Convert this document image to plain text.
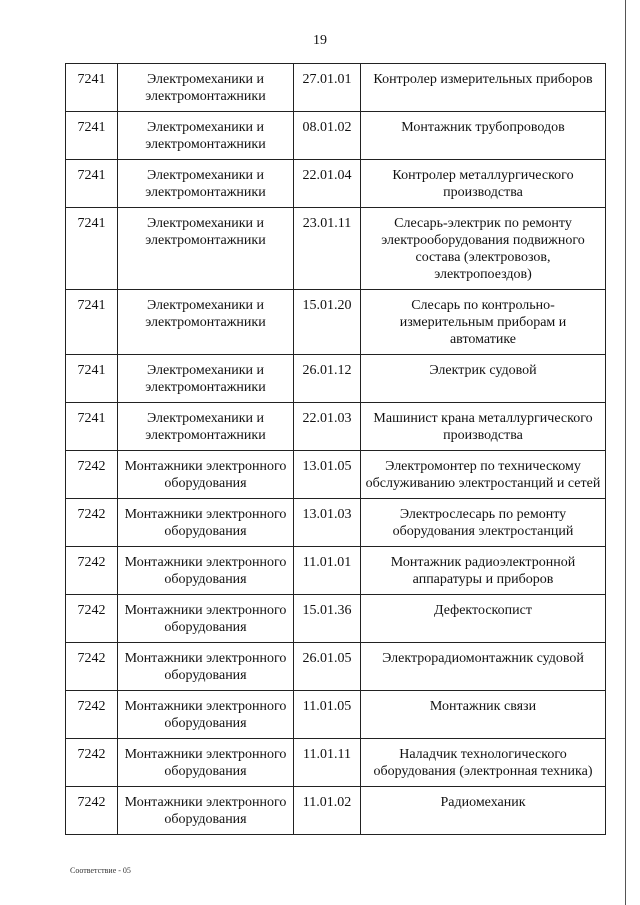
19
7241	Электромеханики и электромонтажники	27.01.01	Контролер измерительных приборов
7241	Электромеханики и электромонтажники	08.01.02	Монтажник трубопроводов
7241	Электромеханики и электромонтажники	22.01.04	Контролер металлургического производства
7241	Электромеханики и электромонтажники	23.01.11	Слесарь-электрик по ремонту электрооборудования подвижного состава (электровозов, электропоездов)
7241	Электромеханики и электромонтажники	15.01.20	Слесарь по контрольно-измерительным приборам и автоматике
7241	Электромеханики и электромонтажники	26.01.12	Электрик судовой
7241	Электромеханики и электромонтажники	22.01.03	Машинист крана металлургического производства
7242	Монтажники электронного оборудования	13.01.05	Электромонтер по техническому обслуживанию электростанций и сетей
7242	Монтажники электронного оборудования	13.01.03	Электрослесарь по ремонту оборудования электростанций
7242	Монтажники электронного оборудования	11.01.01	Монтажник радиоэлектронной аппаратуры и приборов
7242	Монтажники электронного оборудования	15.01.36	Дефектоскопист
7242	Монтажники электронного оборудования	26.01.05	Электрорадиомонтажник судовой
7242	Монтажники электронного оборудования	11.01.05	Монтажник связи
7242	Монтажники электронного оборудования	11.01.11	Наладчик технологического оборудования (электронная техника)
7242	Монтажники электронного оборудования	11.01.02	Радиомеханик
Соответствие - 05
